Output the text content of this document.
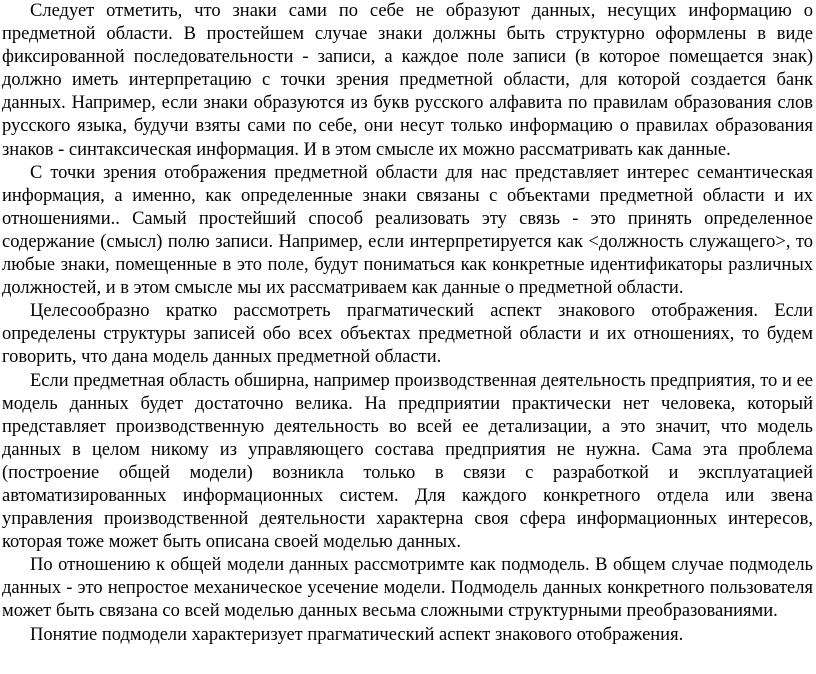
Следует отметить, что знаки сами по себе не образуют данных, несущих информацию о предметной области. В простейшем случае знаки должны быть структурно оформлены в виде фиксированной последовательности - записи, а каждое поле записи (в которое помещается знак) должно иметь интерпретацию с точки зрения предметной области, для которой создается банк данных. Например, если знаки образуются из букв русского алфавита по правилам образования слов русского языка, будучи взяты сами по себе, они несут только информацию о правилах образования знаков - синтаксическая информация. И в этом смысле их можно рассматривать как данные.

С точки зрения отображения предметной области для нас представляет интерес семантическая информация, а именно, как определенные знаки связаны с объектами предметной области и их отношениями.. Самый простейший способ реализовать эту связь - это принять определенное содержание (смысл) полю записи. Например, если интерпретируется как <должность служащего>, то любые знаки, помещенные в это поле, будут пониматься как конкретные идентификаторы различных должностей, и в этом смысле мы их рассматриваем как данные о предметной области.

Целесообразно кратко рассмотреть прагматический аспект знакового отображения. Если определены структуры записей обо всех объектах предметной области и их отношениях, то будем говорить, что дана модель данных предметной области.

Если предметная область обширна, например производственная деятельность предприятия, то и ее модель данных будет достаточно велика. На предприятии практически нет человека, который представляет производственную деятельность во всей ее детализации, а это значит, что модель данных в целом никому из управляющего состава предприятия не нужна. Сама эта проблема (построение общей модели) возникла только в связи с разработкой и эксплуатацией автоматизированных информационных систем. Для каждого конкретного отдела или звена управления производственной деятельности характерна своя сфера информационных интересов, которая тоже может быть описана своей моделью данных.

По отношению к общей модели данных рассмотримте как подмодель. В общем случае подмодель данных - это непростое механическое усечение модели. Подмодель данных конкретного пользователя может быть связана со всей моделью данных весьма сложными структурными преобразованиями.

Понятие подмодели характеризует прагматический аспект знакового отображения.
